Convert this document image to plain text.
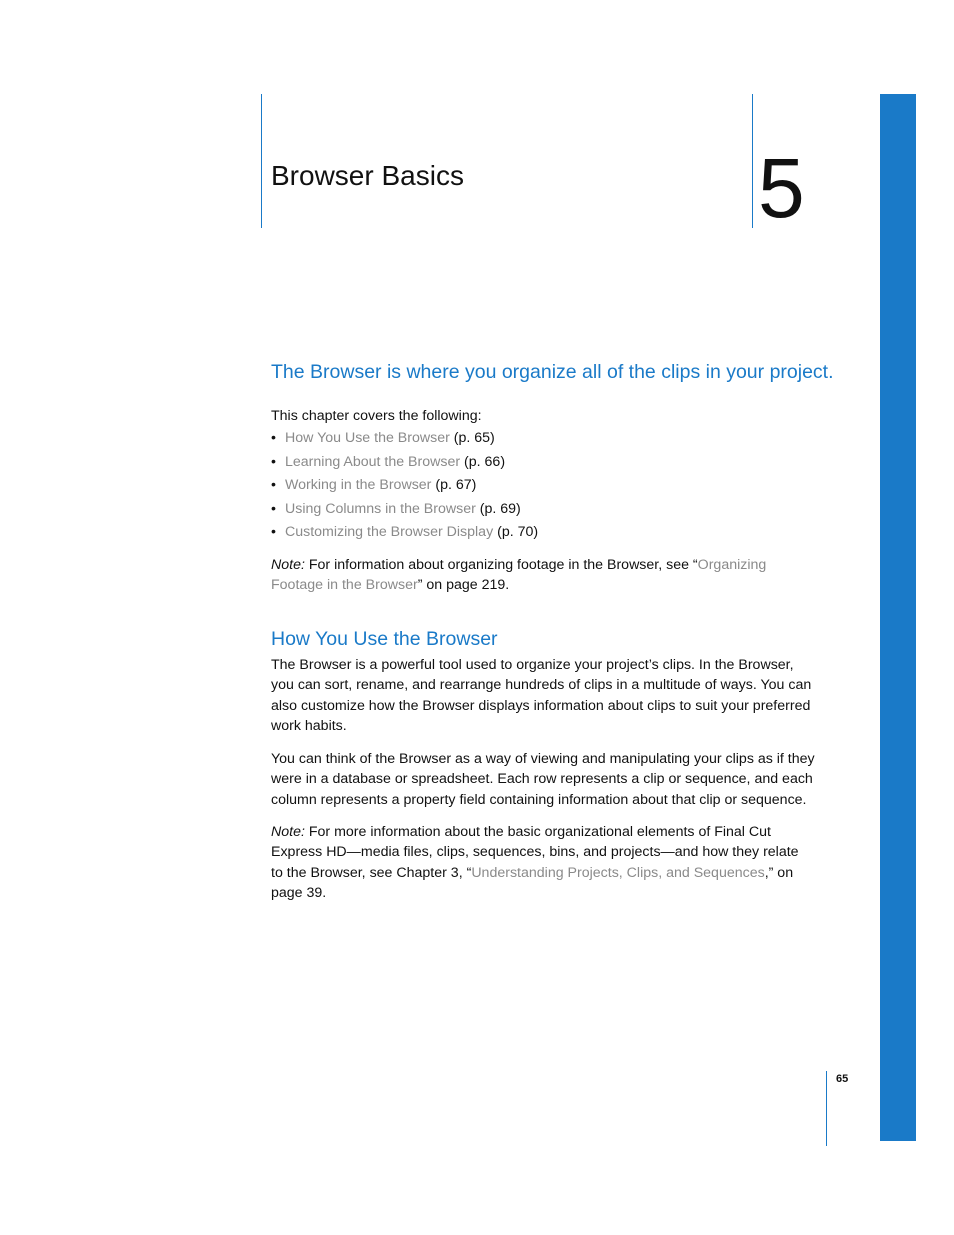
Browser Basics	5
The Browser is where you organize all of the clips in your project.

This chapter covers the following:

• How You Use the Browser (p. 65)
• Learning About the Browser (p. 66)
• Working in the Browser (p. 67)
• Using Columns in the Browser (p. 69)
• Customizing the Browser Display (p. 70)

Note: For information about organizing footage in the Browser, see “Organizing Footage in the Browser” on page 219.

How You Use the Browser

The Browser is a powerful tool used to organize your project’s clips. In the Browser, you can sort, rename, and rearrange hundreds of clips in a multitude of ways. You can also customize how the Browser displays information about clips to suit your preferred work habits.

You can think of the Browser as a way of viewing and manipulating your clips as if they were in a database or spreadsheet. Each row represents a clip or sequence, and each column represents a property field containing information about that clip or sequence.

Note: For more information about the basic organizational elements of Final Cut Express HD—media files, clips, sequences, bins, and projects—and how they relate to the Browser, see Chapter 3, “Understanding Projects, Clips, and Sequences,” on page 39.

65
